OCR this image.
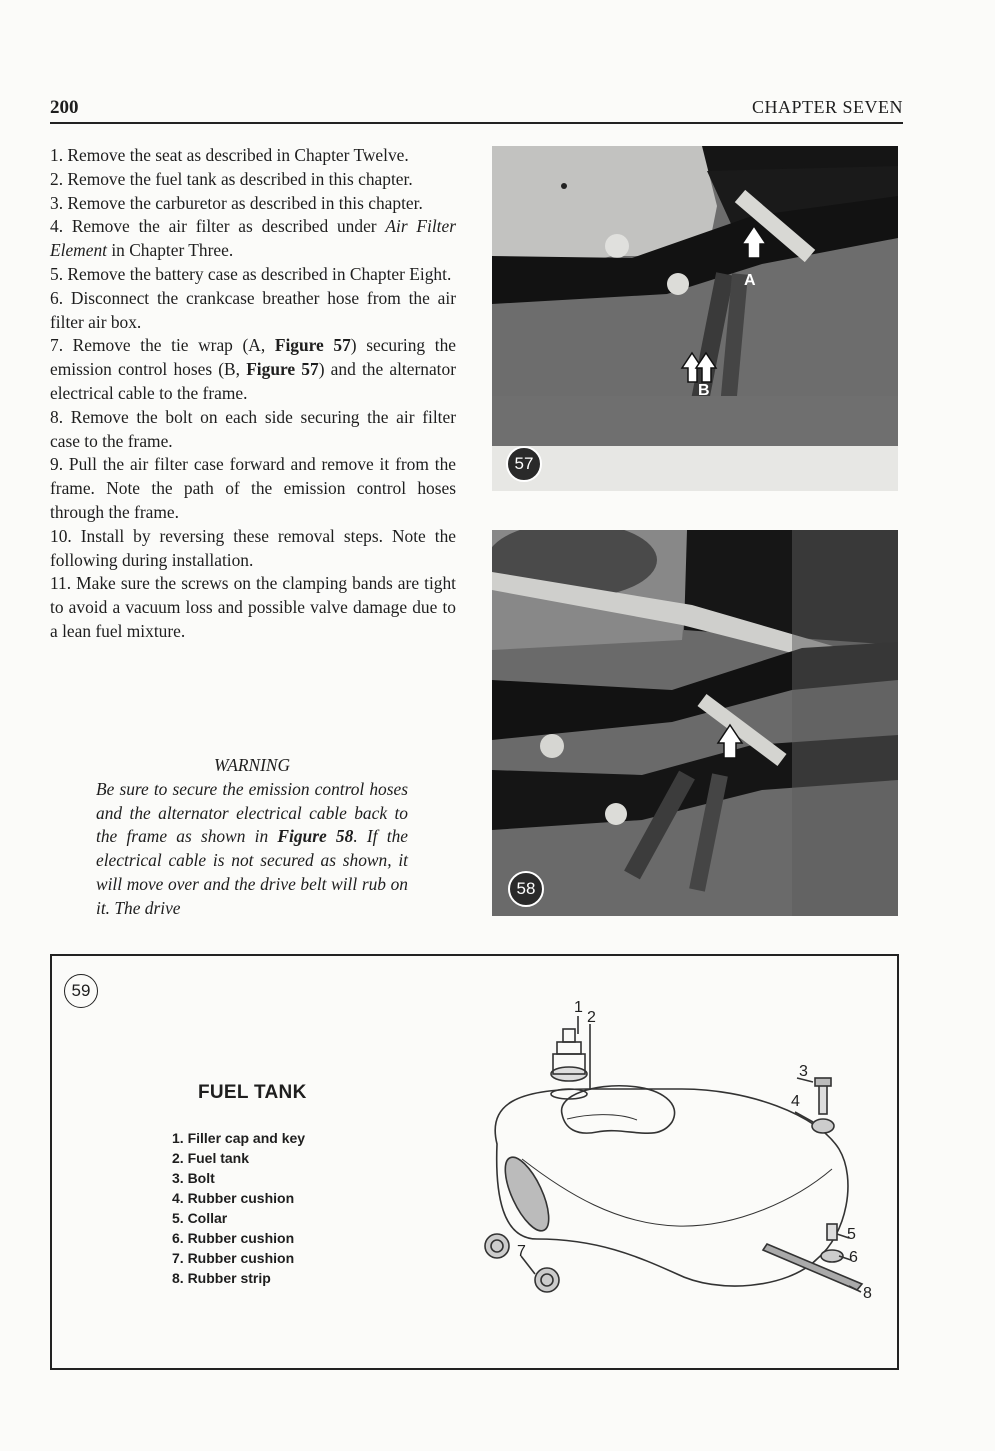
200	CHAPTER SEVEN

1. Remove the seat as described in Chapter Twelve.

2. Remove the fuel tank as described in this chapter.

3. Remove the carburetor as described in this chapter.

4. Remove the air filter as described under Air Filter Element in Chapter Three.

5. Remove the battery case as described in Chapter Eight.

6. Disconnect the crankcase breather hose from the air filter air box.

7. Remove the tie wrap (A, Figure 57) securing the emission control hoses (B, Figure 57) and the alternator electrical cable to the frame.

8. Remove the bolt on each side securing the air filter case to the frame.

9. Pull the air filter case forward and remove it from the frame. Note the path of the emission control hoses through the frame.

10. Install by reversing these removal steps. Note the following during installation.

11. Make sure the screws on the clamping bands are tight to avoid a vacuum loss and possible valve damage due to a lean fuel mixture.

WARNING

Be sure to secure the emission control hoses and the alternator electrical cable back to the frame as shown in Figure 58. If the electrical cable is not secured as shown, it will move over and the drive belt will rub on it. The drive

A
B
57
58
59
FUEL TANK
1. Filler cap and key
2. Fuel tank
3. Bolt
4. Rubber cushion
5. Collar
6. Rubber cushion
7. Rubber cushion
8. Rubber strip
1
2
3
4
5
6
7
8
